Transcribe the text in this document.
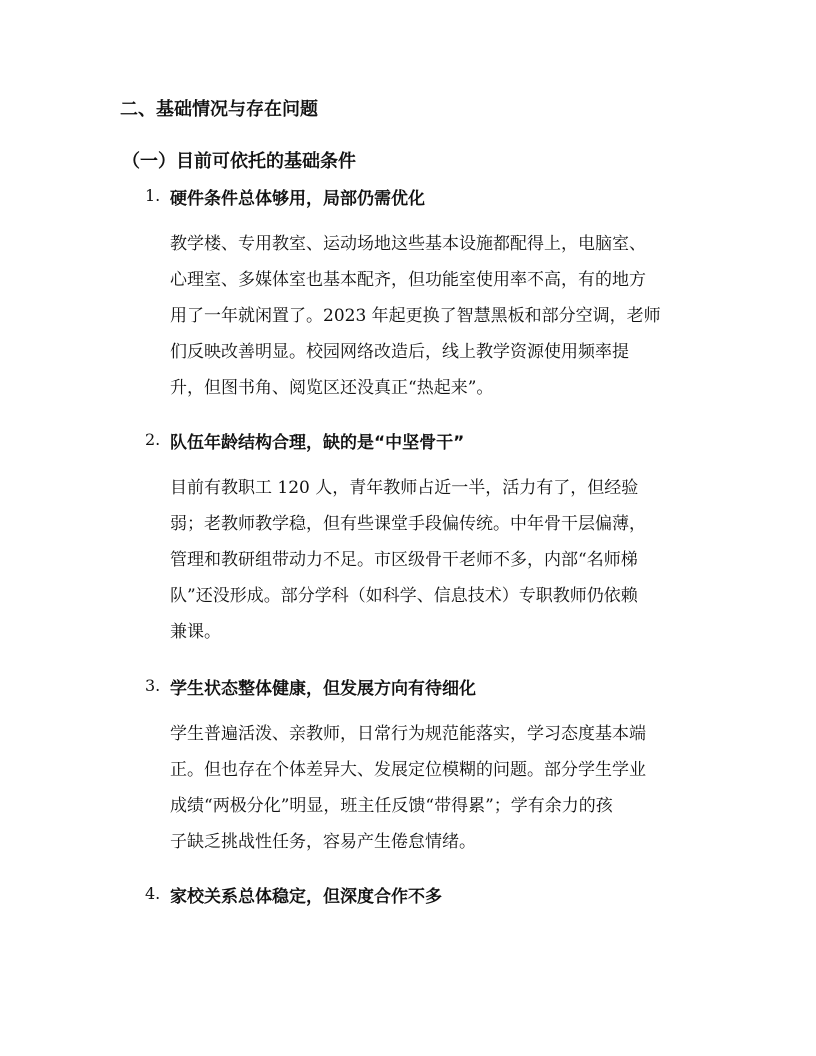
二、基础情况与存在问题
（一）目前可依托的基础条件
1. 硬件条件总体够用，局部仍需优化
教学楼、专用教室、运动场地这些基本设施都配得上，电脑室、
心理室、多媒体室也基本配齐，但功能室使用率不高，有的地方
用了一年就闲置了。2023 年起更换了智慧黑板和部分空调，老师
们反映改善明显。校园网络改造后，线上教学资源使用频率提
升，但图书角、阅览区还没真正“热起来”。
2. 队伍年龄结构合理，缺的是“中坚骨干”
目前有教职工 120 人，青年教师占近一半，活力有了，但经验
弱；老教师教学稳，但有些课堂手段偏传统。中年骨干层偏薄，
管理和教研组带动力不足。市区级骨干老师不多，内部“名师梯
队”还没形成。部分学科（如科学、信息技术）专职教师仍依赖
兼课。
3. 学生状态整体健康，但发展方向有待细化
学生普遍活泼、亲教师，日常行为规范能落实，学习态度基本端
正。但也存在个体差异大、发展定位模糊的问题。部分学生学业
成绩“两极分化”明显，班主任反馈“带得累”；学有余力的孩
子缺乏挑战性任务，容易产生倦怠情绪。
4. 家校关系总体稳定，但深度合作不多
